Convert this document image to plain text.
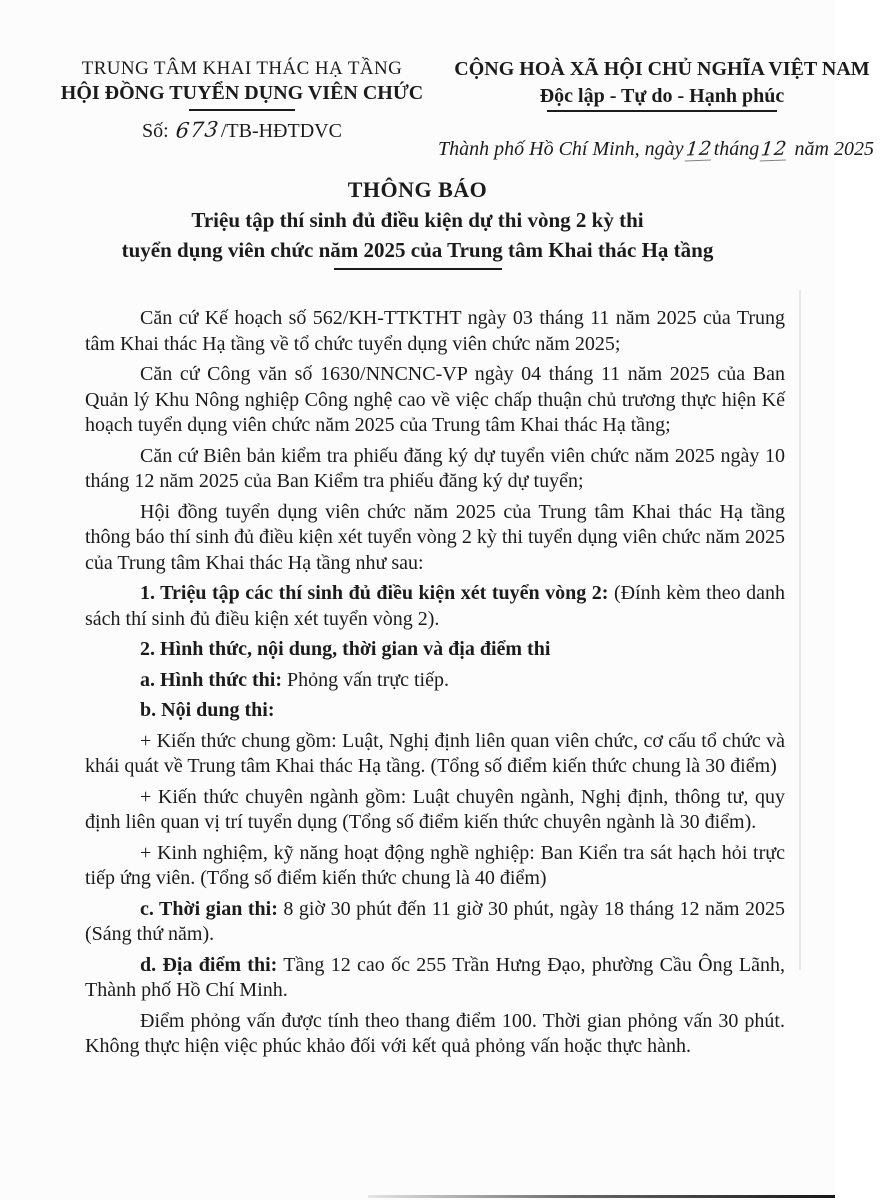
TRUNG TÂM KHAI THÁC HẠ TẦNG
HỘI ĐỒNG TUYỂN DỤNG VIÊN CHỨC
Số: 673/TB-HĐTDVC
CỘNG HOÀ XÃ HỘI CHỦ NGHĨA VIỆT NAM
Độc lập - Tự do - Hạnh phúc
Thành phố Hồ Chí Minh, ngày12tháng12 năm 2025
THÔNG BÁO
Triệu tập thí sinh đủ điều kiện dự thi vòng 2 kỳ thi
tuyển dụng viên chức năm 2025 của Trung tâm Khai thác Hạ tầng

Căn cứ Kế hoạch số 562/KH-TTKTHT ngày 03 tháng 11 năm 2025 của Trung tâm Khai thác Hạ tầng về tổ chức tuyển dụng viên chức năm 2025;

Căn cứ Công văn số 1630/NNCNC-VP ngày 04 tháng 11 năm 2025 của Ban Quản lý Khu Nông nghiệp Công nghệ cao về việc chấp thuận chủ trương thực hiện Kế hoạch tuyển dụng viên chức năm 2025 của Trung tâm Khai thác Hạ tầng;

Căn cứ Biên bản kiểm tra phiếu đăng ký dự tuyển viên chức năm 2025 ngày 10 tháng 12 năm 2025 của Ban Kiểm tra phiếu đăng ký dự tuyển;

Hội đồng tuyển dụng viên chức năm 2025 của Trung tâm Khai thác Hạ tầng thông báo thí sinh đủ điều kiện xét tuyển vòng 2 kỳ thi tuyển dụng viên chức năm 2025 của Trung tâm Khai thác Hạ tầng như sau:

1. Triệu tập các thí sinh đủ điều kiện xét tuyển vòng 2: (Đính kèm theo danh sách thí sinh đủ điều kiện xét tuyển vòng 2).

2. Hình thức, nội dung, thời gian và địa điểm thi

a. Hình thức thi: Phỏng vấn trực tiếp.

b. Nội dung thi:

+ Kiến thức chung gồm: Luật, Nghị định liên quan viên chức, cơ cấu tổ chức và khái quát về Trung tâm Khai thác Hạ tầng. (Tổng số điểm kiến thức chung là 30 điểm)

+ Kiến thức chuyên ngành gồm: Luật chuyên ngành, Nghị định, thông tư, quy định liên quan vị trí tuyển dụng (Tổng số điểm kiến thức chuyên ngành là 30 điểm).

+ Kinh nghiệm, kỹ năng hoạt động nghề nghiệp: Ban Kiển tra sát hạch hỏi trực tiếp ứng viên. (Tổng số điểm kiến thức chung là 40 điểm)

c. Thời gian thi: 8 giờ 30 phút đến 11 giờ 30 phút, ngày 18 tháng 12 năm 2025 (Sáng thứ năm).

d. Địa điểm thi: Tầng 12 cao ốc 255 Trần Hưng Đạo, phường Cầu Ông Lãnh, Thành phố Hồ Chí Minh.

Điểm phỏng vấn được tính theo thang điểm 100. Thời gian phỏng vấn 30 phút. Không thực hiện việc phúc khảo đối với kết quả phỏng vấn hoặc thực hành.
